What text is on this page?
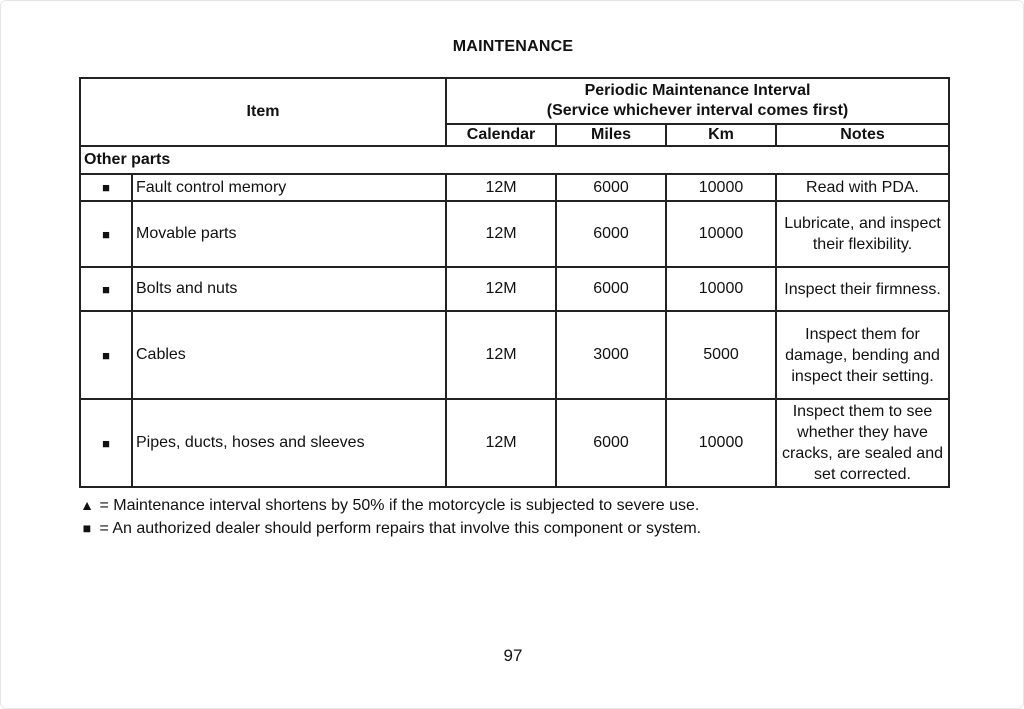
MAINTENANCE
Item		Periodic Maintenance Interval
(Service whichever interval comes first)			
		Calendar	Miles	Km	Notes
Other parts					
■	Fault control memory	12M	6000	10000	Read with PDA.
■	Movable parts	12M	6000	10000	Lubricate, and inspect their flexibility.
■	Bolts and nuts	12M	6000	10000	Inspect their firmness.
■	Cables	12M	3000	5000	Inspect them for damage, bending and inspect their setting.
■	Pipes, ducts, hoses and sleeves	12M	6000	10000	Inspect them to see whether they have cracks, are sealed and set corrected.
▲ = Maintenance interval shortens by 50% if the motorcycle is subjected to severe use.
■ = An authorized dealer should perform repairs that involve this component or system.
97
